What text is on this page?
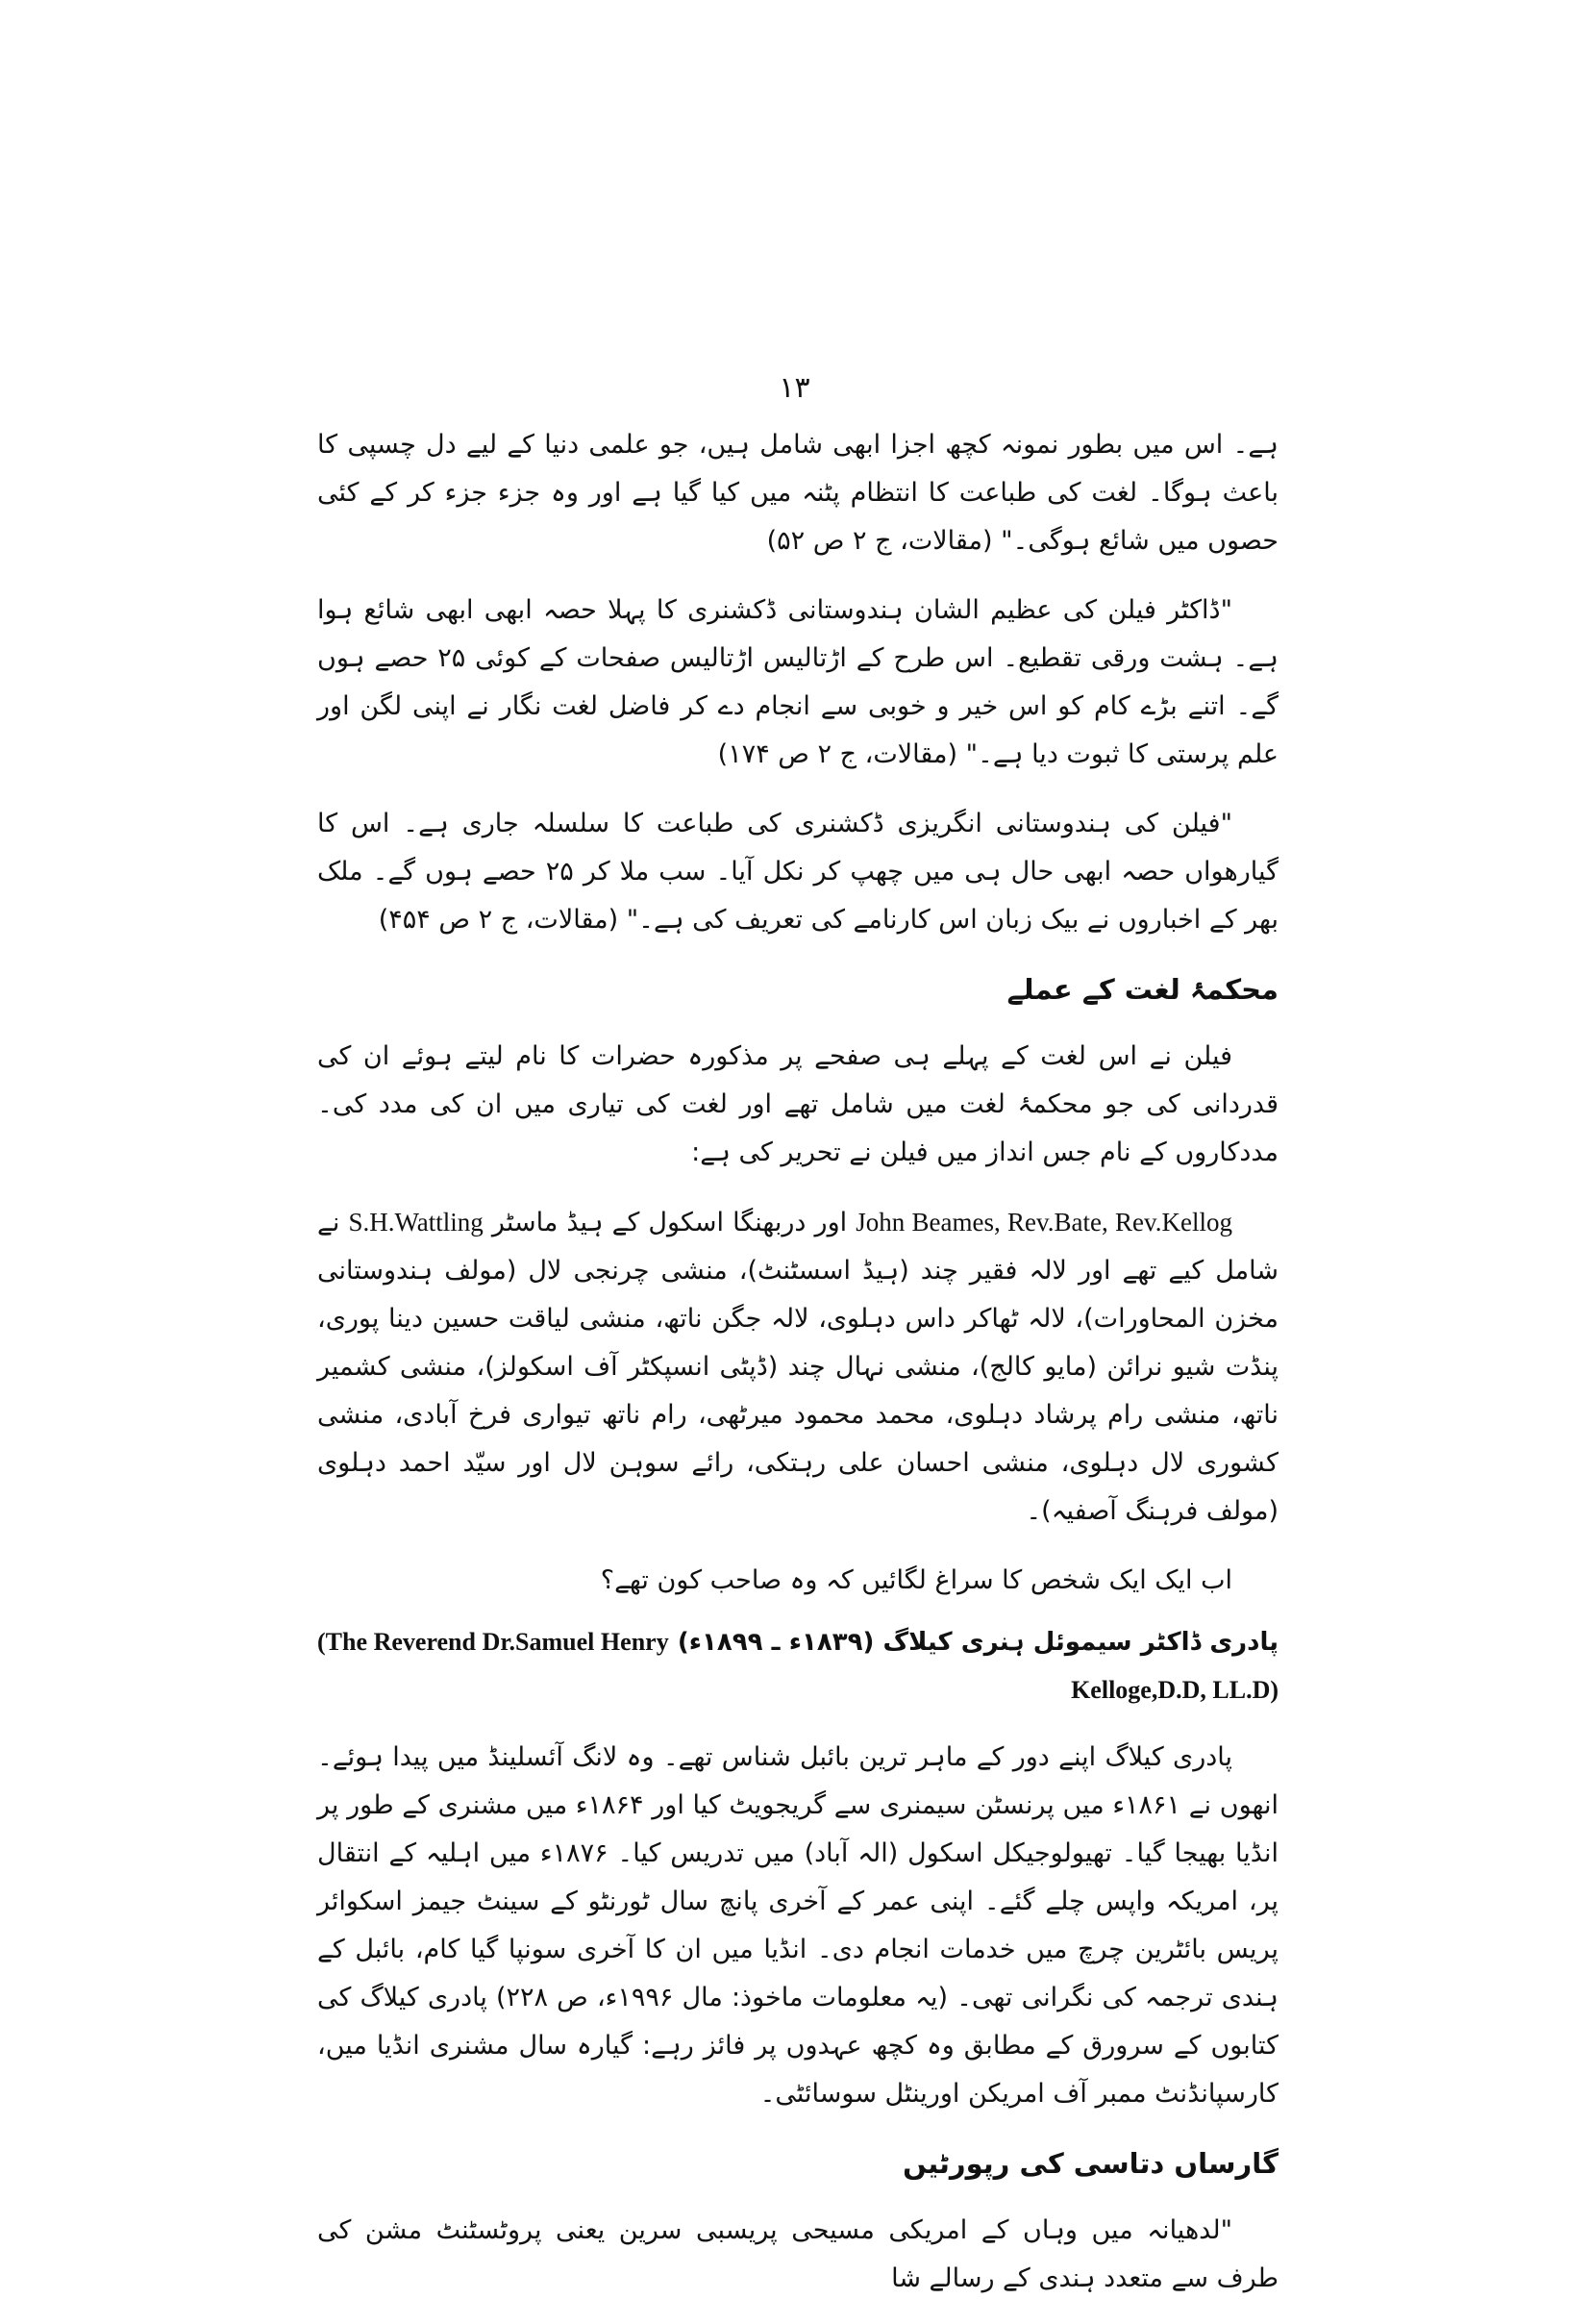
۱۳

ہے۔ اس میں بطور نمونہ کچھ اجزا ابھی شامل ہیں، جو علمی دنیا کے لیے دل چسپی کا باعث ہوگا۔ لغت کی طباعت کا انتظام پٹنہ میں کیا گیا ہے اور وہ جزء جزء کر کے کئی حصوں میں شائع ہوگی۔" (مقالات، ج ۲ ص ۵۲)

"ڈاکٹر فیلن کی عظیم الشان ہندوستانی ڈکشنری کا پہلا حصہ ابھی ابھی شائع ہوا ہے۔ ہشت ورقی تقطیع۔ اس طرح کے اڑتالیس اڑتالیس صفحات کے کوئی ۲۵ حصے ہوں گے۔ اتنے بڑے کام کو اس خیر و خوبی سے انجام دے کر فاضل لغت نگار نے اپنی لگن اور علم پرستی کا ثبوت دیا ہے۔" (مقالات، ج ۲ ص ۱۷۴)

"فیلن کی ہندوستانی انگریزی ڈکشنری کی طباعت کا سلسلہ جاری ہے۔ اس کا گیارھواں حصہ ابھی حال ہی میں چھپ کر نکل آیا۔ سب ملا کر ۲۵ حصے ہوں گے۔ ملک بھر کے اخباروں نے بیک زبان اس کارنامے کی تعریف کی ہے۔" (مقالات، ج ۲ ص ۴۵۴)

محکمۂ لغت کے عملے

فیلن نے اس لغت کے پہلے ہی صفحے پر مذکورہ حضرات کا نام لیتے ہوئے ان کی قدردانی کی جو محکمۂ لغت میں شامل تھے اور لغت کی تیاری میں ان کی مدد کی۔ مددکاروں کے نام جس انداز میں فیلن نے تحریر کی ہے:

John Beames, Rev.Bate, Rev.Kellog اور دربھنگا اسکول کے ہیڈ ماسٹر S.H.Wattling نے شامل کیے تھے اور لالہ فقیر چند (ہیڈ اسسٹنٹ)، منشی چرنجی لال (مولف ہندوستانی مخزن المحاورات)، لالہ ٹھاکر داس دہلوی، لالہ جگن ناتھ، منشی لیاقت حسین دینا پوری، پنڈت شیو نرائن (مایو کالج)، منشی نہال چند (ڈپٹی انسپکٹر آف اسکولز)، منشی کشمیر ناتھ، منشی رام پرشاد دہلوی، محمد محمود میرٹھی، رام ناتھ تیواری فرخ آبادی، منشی کشوری لال دہلوی، منشی احسان علی رہتکی، رائے سوہن لال اور سیّد احمد دہلوی (مولف فرہنگ آصفیہ)۔

اب ایک ایک شخص کا سراغ لگائیں کہ وہ صاحب کون تھے؟

پادری ڈاکٹر سیموئل ہنری کیلاگ (۱۸۳۹ء ـ ۱۸۹۹ء) (The Reverend Dr.Samuel Henry Kelloge,D.D, LL.D)

پادری کیلاگ اپنے دور کے ماہر ترین بائبل شناس تھے۔ وہ لانگ آئسلینڈ میں پیدا ہوئے۔ انھوں نے ۱۸۶۱ء میں پرنسٹن سیمنری سے گریجویٹ کیا اور ۱۸۶۴ء میں مشنری کے طور پر انڈیا بھیجا گیا۔ تھیولوجیکل اسکول (الہ آباد) میں تدریس کیا۔ ۱۸۷۶ء میں اہلیہ کے انتقال پر، امریکہ واپس چلے گئے۔ اپنی عمر کے آخری پانچ سال ٹورنٹو کے سینٹ جیمز اسکوائر پریس بائٹرین چرچ میں خدمات انجام دی۔ انڈیا میں ان کا آخری سونپا گیا کام، بائبل کے ہندی ترجمہ کی نگرانی تھی۔ (یہ معلومات ماخوذ: مال ۱۹۹۶ء، ص ۲۲۸) پادری کیلاگ کی کتابوں کے سرورق کے مطابق وہ کچھ عہدوں پر فائز رہے: گیارہ سال مشنری انڈیا میں، کارسپانڈنٹ ممبر آف امریکن اورینٹل سوسائٹی۔

گارساں دتاسی کی رپورٹیں

"لدھیانہ میں وہاں کے امریکی مسیحی پریسبی سرین یعنی پروٹسٹنٹ مشن کی طرف سے متعدد ہندی کے رسالے شا
